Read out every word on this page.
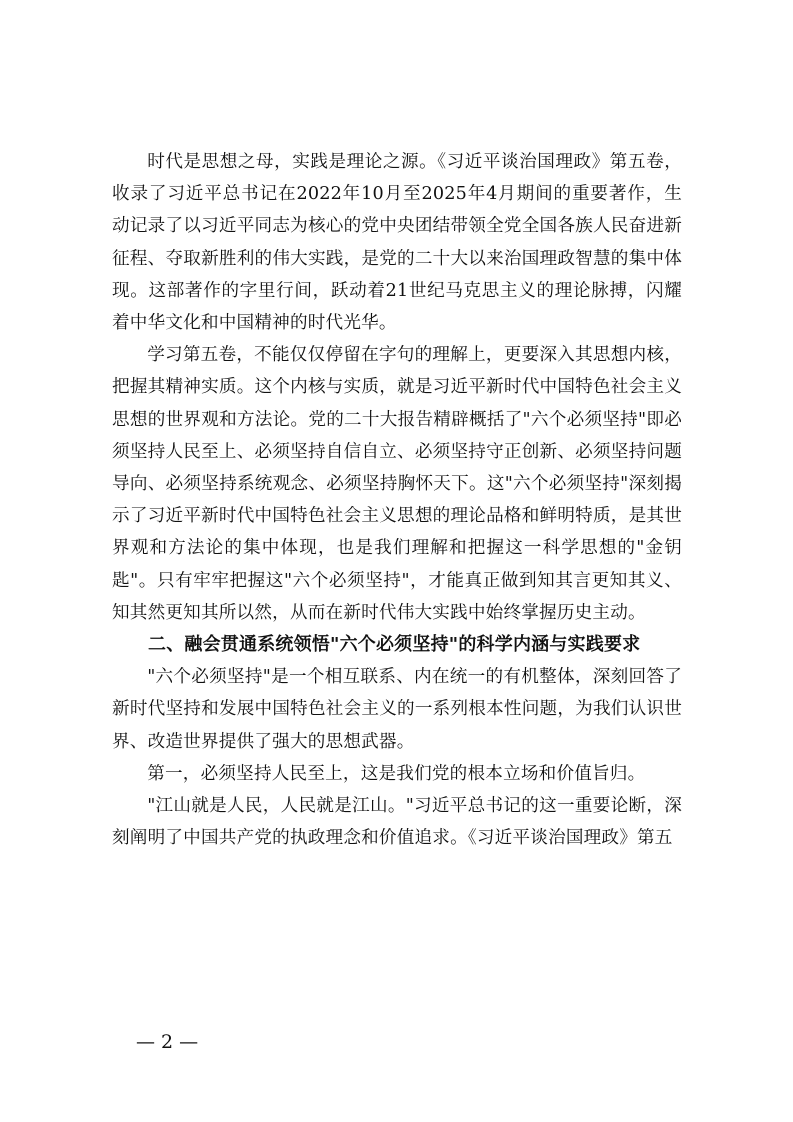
时代是思想之母，实践是理论之源。《习近平谈治国理政》第五卷，收录了习近平总书记在2022年10月至2025年4月期间的重要著作，生动记录了以习近平同志为核心的党中央团结带领全党全国各族人民奋进新征程、夺取新胜利的伟大实践，是党的二十大以来治国理政智慧的集中体现。这部著作的字里行间，跃动着21世纪马克思主义的理论脉搏，闪耀着中华文化和中国精神的时代光华。

学习第五卷，不能仅仅停留在字句的理解上，更要深入其思想内核，把握其精神实质。这个内核与实质，就是习近平新时代中国特色社会主义思想的世界观和方法论。党的二十大报告精辟概括了"六个必须坚持"即必须坚持人民至上、必须坚持自信自立、必须坚持守正创新、必须坚持问题导向、必须坚持系统观念、必须坚持胸怀天下。这"六个必须坚持"深刻揭示了习近平新时代中国特色社会主义思想的理论品格和鲜明特质，是其世界观和方法论的集中体现，也是我们理解和把握这一科学思想的"金钥匙"。只有牢牢把握这"六个必须坚持"，才能真正做到知其言更知其义、知其然更知其所以然，从而在新时代伟大实践中始终掌握历史主动。

二、融会贯通系统领悟"六个必须坚持"的科学内涵与实践要求

"六个必须坚持"是一个相互联系、内在统一的有机整体，深刻回答了新时代坚持和发展中国特色社会主义的一系列根本性问题，为我们认识世界、改造世界提供了强大的思想武器。

第一，必须坚持人民至上，这是我们党的根本立场和价值旨归。

"江山就是人民，人民就是江山。"习近平总书记的这一重要论断，深刻阐明了中国共产党的执政理念和价值追求。《习近平谈治国理政》第五

— 2 —
